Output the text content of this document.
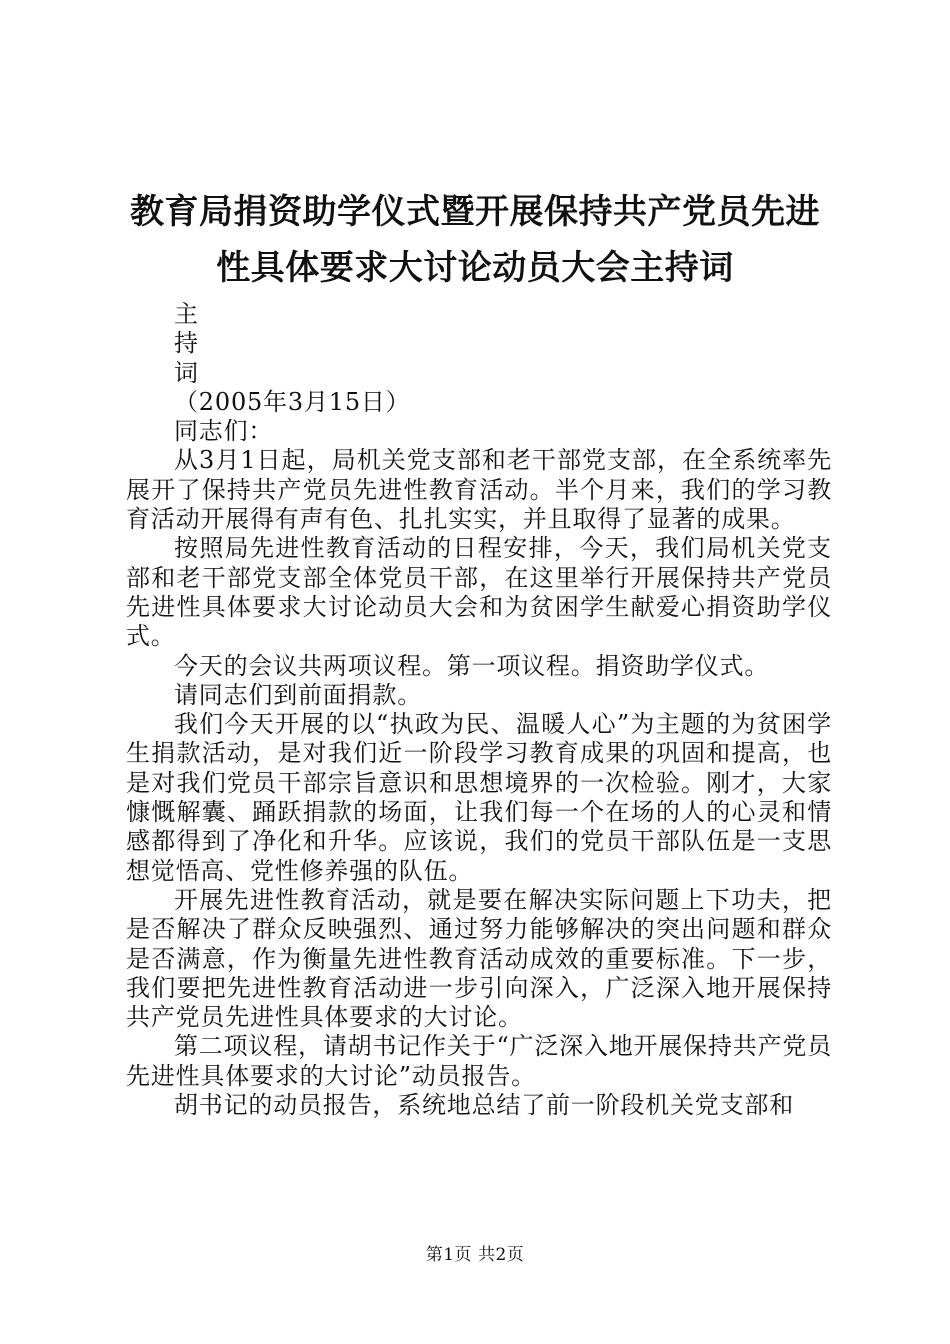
教育局捐资助学仪式暨开展保持共产党员先进
性具体要求大讨论动员大会主持词

主持词

（2005年3月15日）

同志们：

从3月1日起，局机关党支部和老干部党支部，在全系统率先展开了保持共产党员先进性教育活动。半个月来，我们的学习教育活动开展得有声有色、扎扎实实，并且取得了显著的成果。

按照局先进性教育活动的日程安排，今天，我们局机关党支部和老干部党支部全体党员干部，在这里举行开展保持共产党员先进性具体要求大讨论动员大会和为贫困学生献爱心捐资助学仪式。

今天的会议共两项议程。第一项议程。捐资助学仪式。

请同志们到前面捐款。

我们今天开展的以“执政为民、温暖人心”为主题的为贫困学生捐款活动，是对我们近一阶段学习教育成果的巩固和提高，也是对我们党员干部宗旨意识和思想境界的一次检验。刚才，大家慷慨解囊、踊跃捐款的场面，让我们每一个在场的人的心灵和情感都得到了净化和升华。应该说，我们的党员干部队伍是一支思想觉悟高、党性修养强的队伍。

开展先进性教育活动，就是要在解决实际问题上下功夫，把是否解决了群众反映强烈、通过努力能够解决的突出问题和群众是否满意，作为衡量先进性教育活动成效的重要标准。下一步，我们要把先进性教育活动进一步引向深入，广泛深入地开展保持共产党员先进性具体要求的大讨论。

第二项议程，请胡书记作关于“广泛深入地开展保持共产党员先进性具体要求的大讨论”动员报告。

胡书记的动员报告，系统地总结了前一阶段机关党支部和

第1页 共2页
